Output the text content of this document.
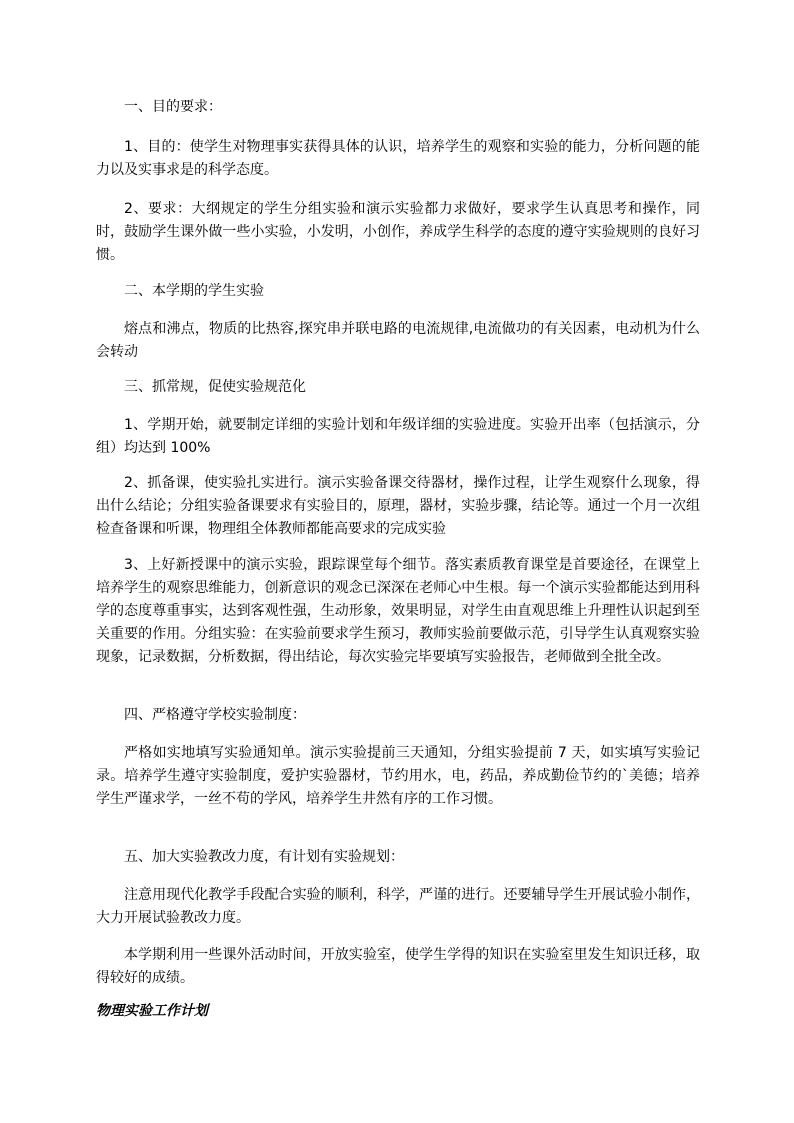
一、目的要求：

1、目的：使学生对物理事实获得具体的认识，培养学生的观察和实验的能力，分析问题的能力以及实事求是的科学态度。

2、要求：大纲规定的学生分组实验和演示实验都力求做好，要求学生认真思考和操作，同时，鼓励学生课外做一些小实验，小发明，小创作，养成学生科学的态度的遵守实验规则的良好习惯。

二、本学期的学生实验

熔点和沸点，物质的比热容,探究串并联电路的电流规律,电流做功的有关因素，电动机为什么会转动

三、抓常规，促使实验规范化

1、学期开始，就要制定详细的实验计划和年级详细的实验进度。实验开出率（包括演示，分组）均达到 100%

2、抓备课，使实验扎实进行。演示实验备课交待器材，操作过程，让学生观察什么现象，得出什么结论；分组实验备课要求有实验目的，原理，器材，实验步骤，结论等。通过一个月一次组检查备课和听课，物理组全体教师都能高要求的完成实验

3、上好新授课中的演示实验，跟踪课堂每个细节。落实素质教育课堂是首要途径，在课堂上培养学生的观察思维能力，创新意识的观念已深深在老师心中生根。每一个演示实验都能达到用科学的态度尊重事实，达到客观性强，生动形象，效果明显，对学生由直观思维上升理性认识起到至关重要的作用。分组实验：在实验前要求学生预习，教师实验前要做示范，引导学生认真观察实验现象，记录数据，分析数据，得出结论，每次实验完毕要填写实验报告，老师做到全批全改。

四、严格遵守学校实验制度：

严格如实地填写实验通知单。演示实验提前三天通知，分组实验提前 7 天，如实填写实验记录。培养学生遵守实验制度，爱护实验器材，节约用水，电，药品，养成勤俭节约的`美德；培养学生严谨求学，一丝不苟的学风，培养学生井然有序的工作习惯。

五、加大实验教改力度，有计划有实验规划：

注意用现代化教学手段配合实验的顺利，科学，严谨的进行。还要辅导学生开展试验小制作，大力开展试验教改力度。

本学期利用一些课外活动时间，开放实验室，使学生学得的知识在实验室里发生知识迁移，取得较好的成绩。

物理实验工作计划
